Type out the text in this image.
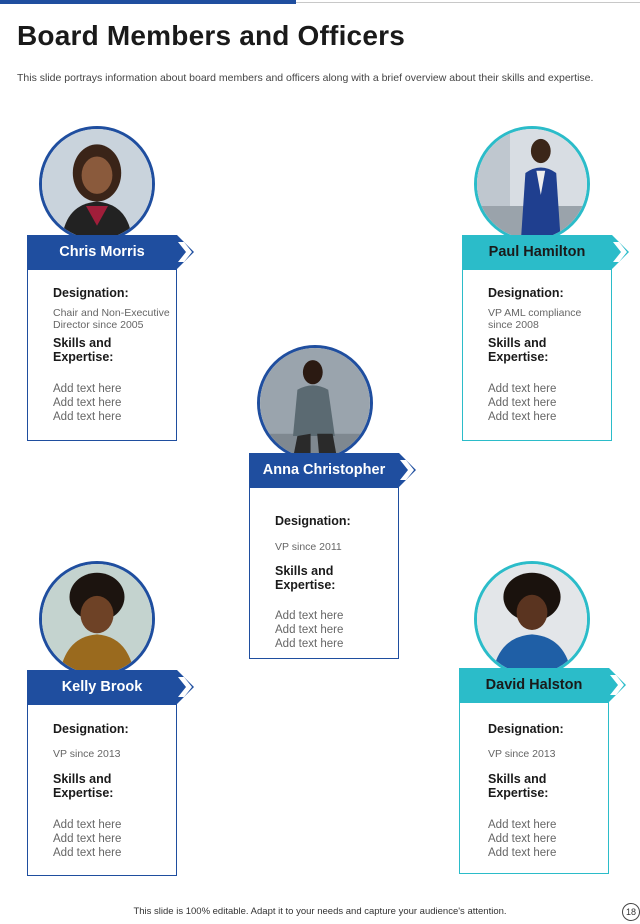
Board Members and Officers
This slide portrays information about board members and officers along with a brief overview about their skills and expertise.
Chris Morris
Designation:
Chair and Non-Executive Director since 2005
Skills and
Expertise:
Add text here
Add text here
Add text here
Paul Hamilton
Designation:
VP AML compliance since 2008
Skills and
Expertise:
Add text here
Add text here
Add text here
Anna Christopher
Designation:
VP since 2011
Skills and
Expertise:
Add text here
Add text here
Add text here
Kelly Brook
Designation:
VP since 2013
Skills and
Expertise:
Add text here
Add text here
Add text here
David Halston
Designation:
VP since 2013
Skills and
Expertise:
Add text here
Add text here
Add text here
This slide is 100% editable. Adapt it to your needs and capture your audience's attention.	18
